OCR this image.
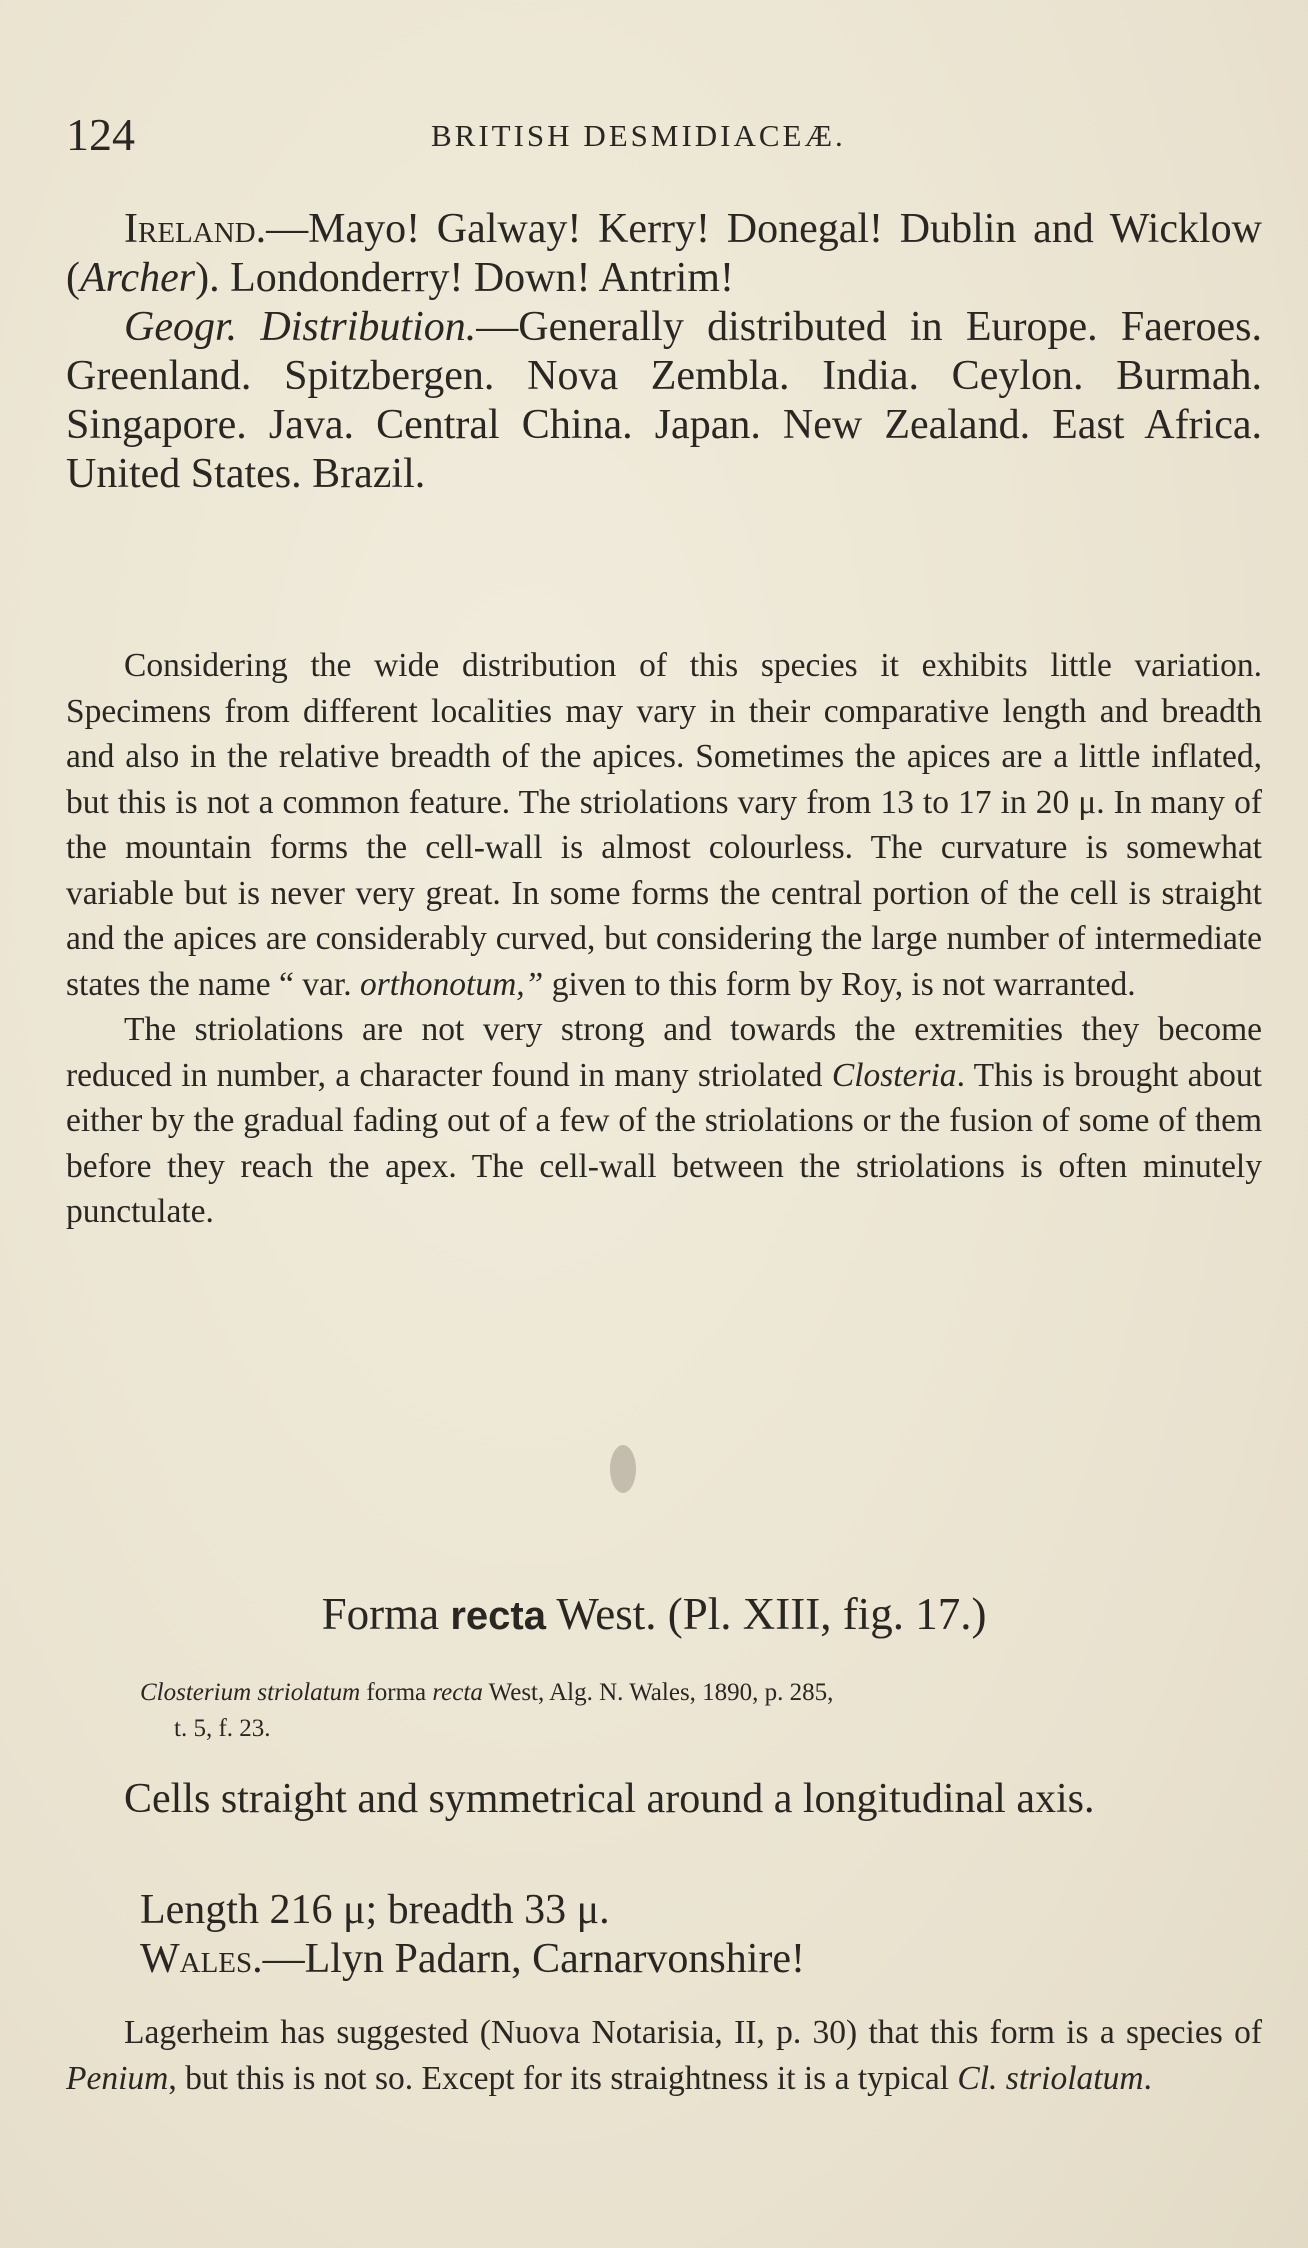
124	BRITISH DESMIDIACEÆ.

Ireland.—Mayo! Galway! Kerry! Donegal! Dublin and Wicklow (Archer). Londonderry! Down! Antrim!

Geogr. Distribution.—Generally distributed in Europe. Faeroes. Greenland. Spitzbergen. Nova Zembla. India. Ceylon. Burmah. Singapore. Java. Central China. Japan. New Zealand. East Africa. United States. Brazil.

Considering the wide distribution of this species it exhibits little variation. Specimens from different localities may vary in their comparative length and breadth and also in the relative breadth of the apices. Sometimes the apices are a little inflated, but this is not a common feature. The striolations vary from 13 to 17 in 20 μ. In many of the mountain forms the cell-wall is almost colourless. The curvature is somewhat variable but is never very great. In some forms the central portion of the cell is straight and the apices are considerably curved, but considering the large number of intermediate states the name “ var. orthonotum,” given to this form by Roy, is not warranted.

The striolations are not very strong and towards the extremities they become reduced in number, a character found in many striolated Closteria. This is brought about either by the gradual fading out of a few of the striolations or the fusion of some of them before they reach the apex. The cell-wall between the striolations is often minutely punctulate.

Forma recta West. (Pl. XIII, fig. 17.)

Closterium striolatum forma recta West, Alg. N. Wales, 1890, p. 285,

t. 5, f. 23.

Cells straight and symmetrical around a longitudinal axis.

Length 216 μ; breadth 33 μ.

Wales.—Llyn Padarn, Carnarvonshire!

Lagerheim has suggested (Nuova Notarisia, II, p. 30) that this form is a species of Penium, but this is not so. Except for its straightness it is a typical Cl. striolatum.
